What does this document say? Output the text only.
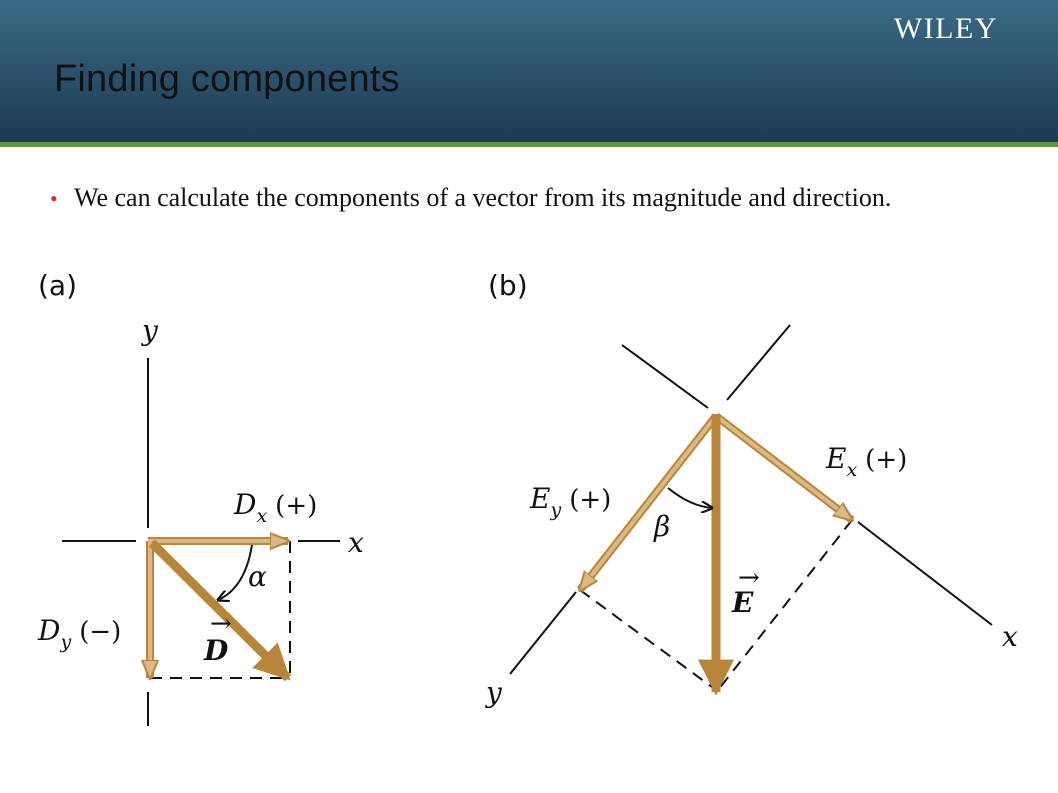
Finding components
WILEY
• We can calculate the components of a vector from its magnitude and direction.

(a)
y
x
α
Dx (+)
Dy (−)	→
D
(b)
x
y
β
Ex (+)
Ey (+)
→
E
